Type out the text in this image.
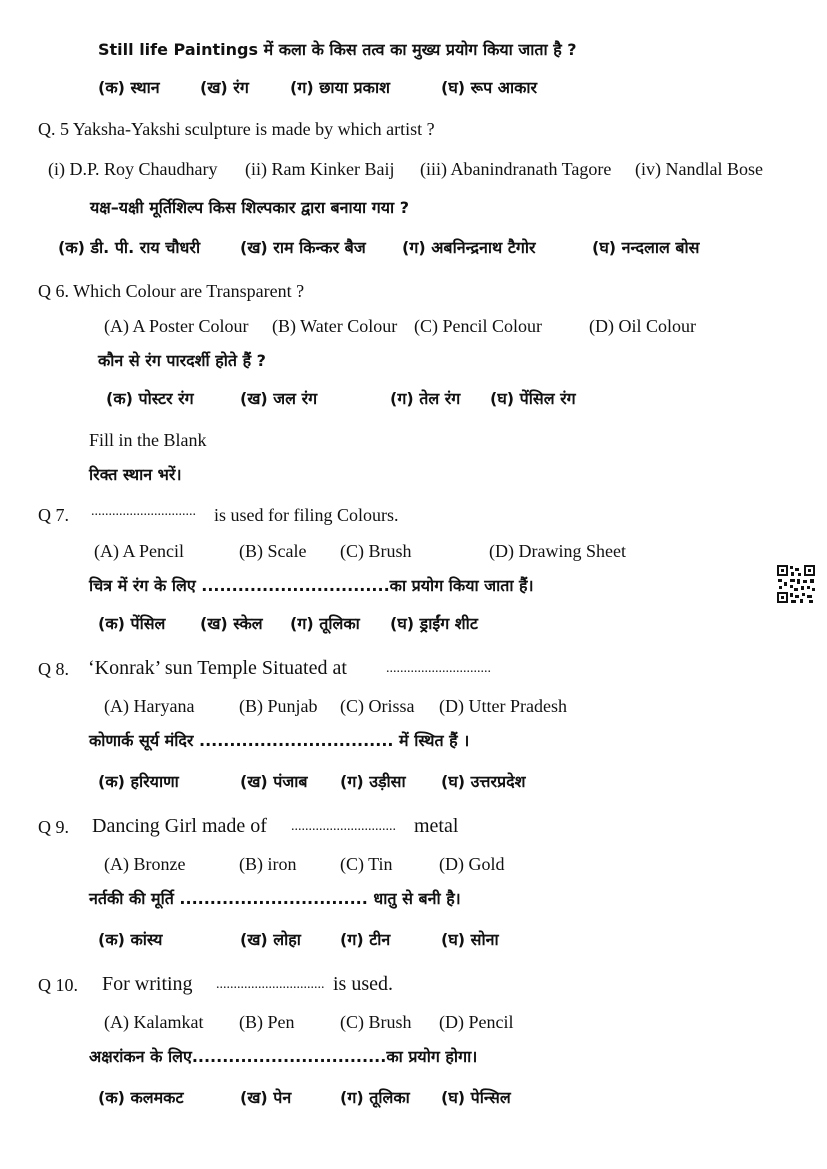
Still life Paintings में कला के किस तत्व का मुख्य प्रयोग किया जाता है ?
(क) स्थान	(ख) रंग	(ग) छाया प्रकाश	(घ) रूप आकार
Q. 5 Yaksha-Yakshi sculpture is made by which artist ?
(i) D.P. Roy Chaudhary (ii) Ram Kinker Baij (iii) Abanindranath Tagore (iv) Nandlal Bose
यक्ष–यक्षी मूर्तिशिल्प किस शिल्पकार द्वारा बनाया गया ?
(क) डी. पी. राय चौधरी (ख) राम किन्कर बैज (ग) अबनिन्द्रनाथ टैगोर	(घ) नन्दलाल बोस
Q 6. Which Colour are Transparent ?
(A) A Poster Colour (B) Water Colour (C) Pencil Colour	(D) Oil Colour
कौन से रंग पारदर्शी होते हैं ?
(क) पोस्टर रंग	(ख) जल रंग	(ग) तेल रंग (घ) पेंसिल रंग
Fill in the Blank
रिक्त स्थान भरें।
Q 7. .............................. is used for filing Colours.
(A) A Pencil	(B) Scale (C) Brush	(D) Drawing Sheet
चित्र में रंग के लिए ...............................का प्रयोग किया जाता हैं।
(क) पेंसिल (ख) स्केल (ग) तूलिका (घ) ड्राईंग शीट
Q 8. ‘Konrak’ sun Temple Situated at	..............................
(A) Haryana (B) Punjab (C) Orissa (D) Utter Pradesh
कोणार्क सूर्य मंदिर ................................ में स्थित हैं ।
(क) हरियाणा	(ख) पंजाब (ग) उड़ीसा (घ) उत्तरप्रदेश
Q 9. Dancing Girl made of .............................. metal
(A) Bronze	(B) iron (C) Tin	(D) Gold
नर्तकी की मूर्ति ............................... धातु से बनी है।
(क) कांस्य	(ख) लोहा (ग) टीन	(घ) सोना
Q 10. For writing ............................... is used.
(A) Kalamkat (B) Pen	(C) Brush (D) Pencil
अक्षरांकन के लिए................................का प्रयोग होगा।
(क) कलमकट	(ख) पेन	(ग) तूलिका (घ) पेन्सिल
